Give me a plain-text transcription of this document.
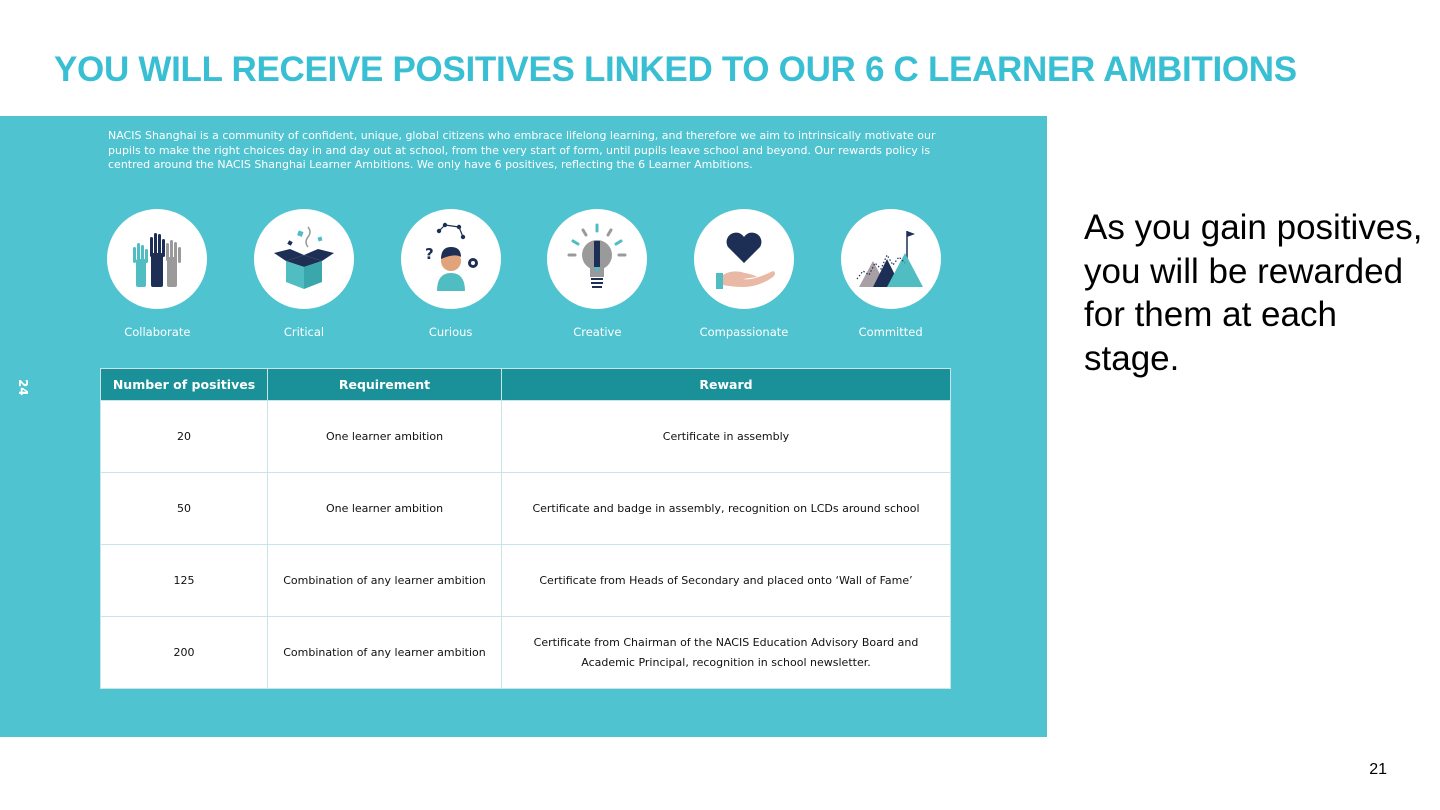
YOU WILL RECEIVE POSITIVES LINKED TO OUR 6 C LEARNER AMBITIONS

NACIS Shanghai is a community of confident, unique, global citizens who embrace lifelong learning, and therefore we aim to intrinsically motivate our pupils to make the right choices day in and day out at school, from the very start of form, until pupils leave school and beyond. Our rewards policy is centred around the NACIS Shanghai Learner Ambitions. We only have 6 positives, reflecting the 6 Learner Ambitions.

24
Collaborate	Critical
?
Curious	Creative	Compassionate	Committed
Number of positives	Requirement	Reward
20	One learner ambition	Certificate in assembly
50	One learner ambition	Certificate and badge in assembly, recognition on LCDs around school
125	Combination of any learner ambition	Certificate from Heads of Secondary and placed onto ‘Wall of Fame’
200	Combination of any learner ambition	Certificate from Chairman of the NACIS Education Advisory Board and Academic Principal, recognition in school newsletter.

As you gain positives, you will be rewarded for them at each stage.

21
